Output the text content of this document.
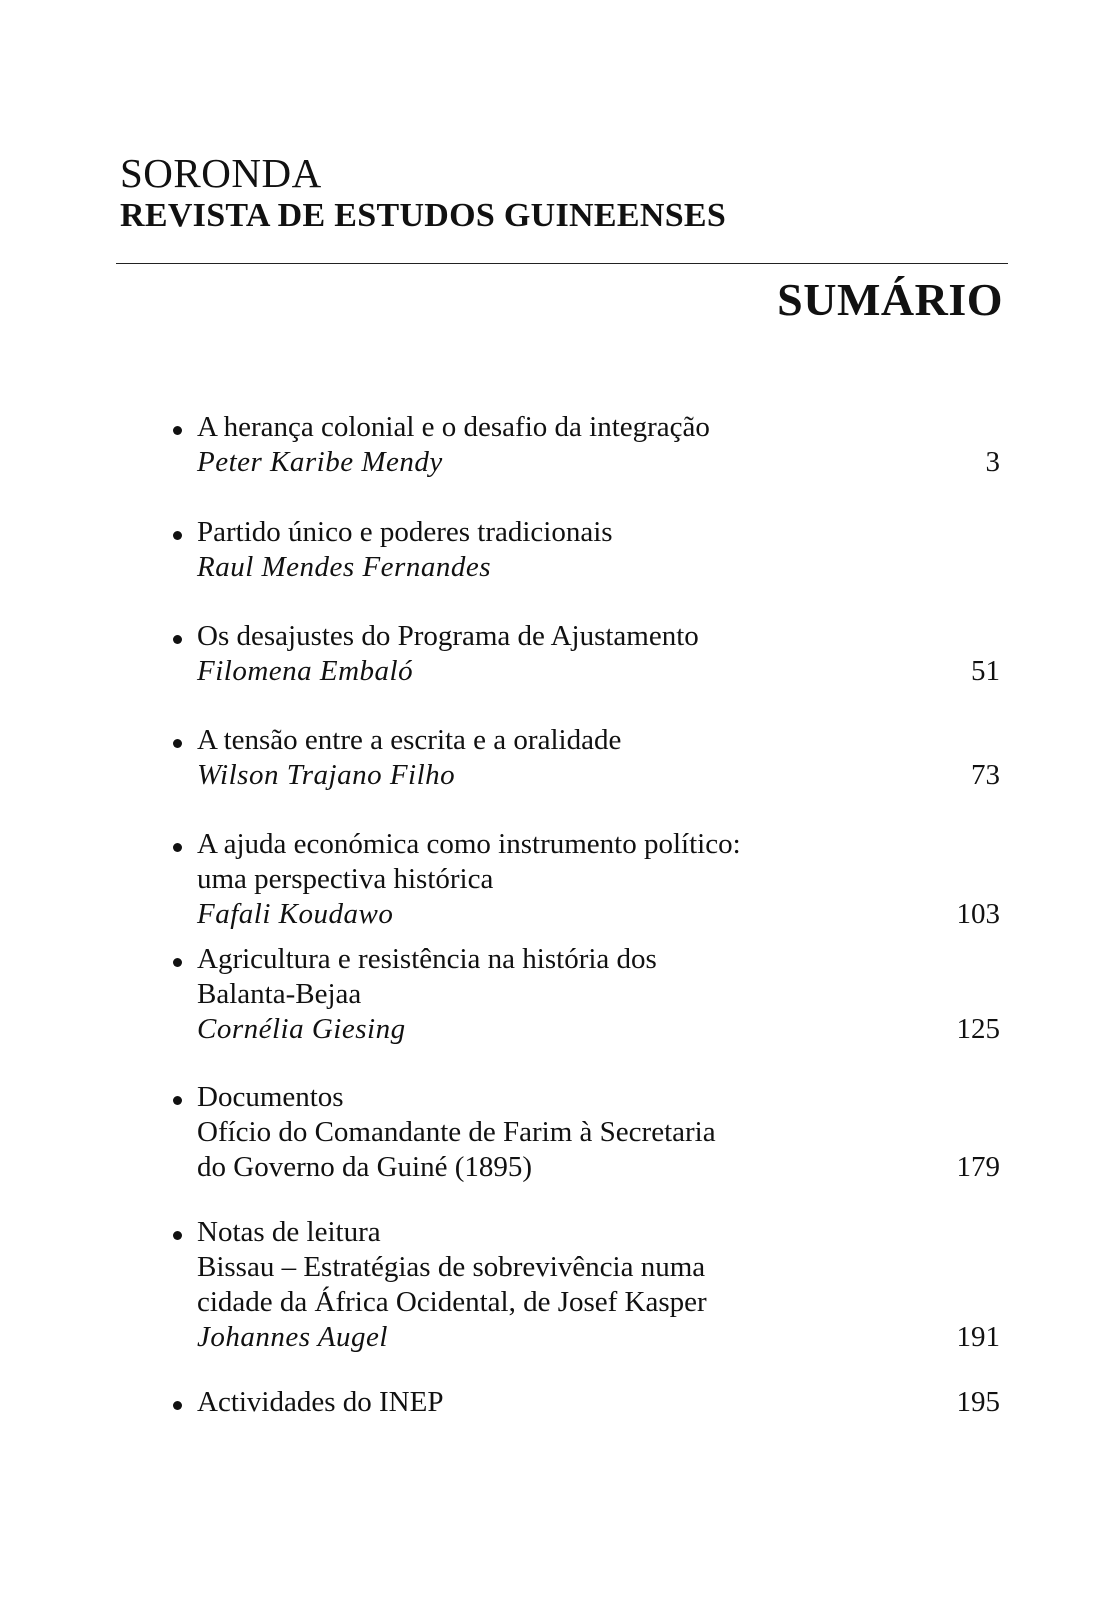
SORONDA
REVISTA DE ESTUDOS GUINEENSES
SUMÁRIO
A herança colonial e o desafio da integração
Peter Karibe Mendy	3
Partido único e poderes tradicionais
Raul Mendes Fernandes
Os desajustes do Programa de Ajustamento
Filomena Embaló	51
A tensão entre a escrita e a oralidade
Wilson Trajano Filho	73
A ajuda económica como instrumento político:
uma perspectiva histórica
Fafali Koudawo	103
Agricultura e resistência na história dos
Balanta-Bejaa
Cornélia Giesing	125
Documentos
Ofício do Comandante de Farim à Secretaria
do Governo da Guiné (1895)	179
Notas de leitura
Bissau – Estratégias de sobrevivência numa
cidade da África Ocidental, de Josef Kasper
Johannes Augel	191
Actividades do INEP	195
